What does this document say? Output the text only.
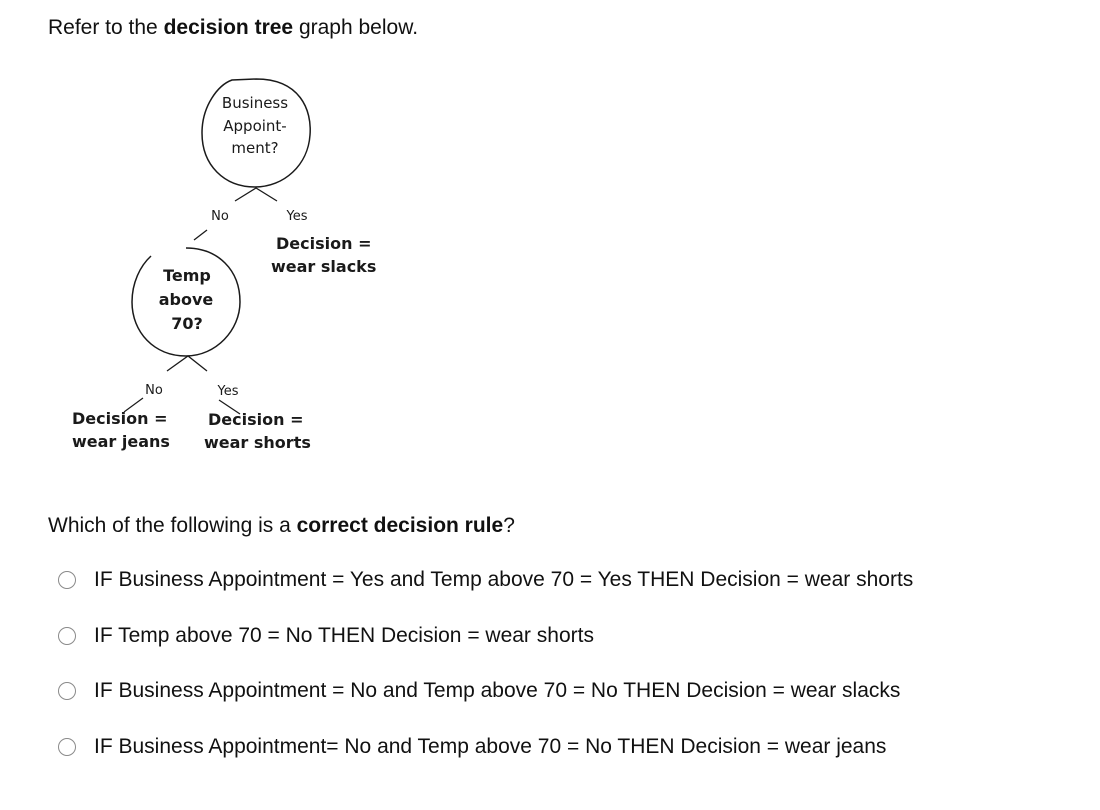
Refer to the decision tree graph below.
Business
Appoint-
ment?
No	Yes
Decision =
wear slacks
Temp
above
70?
No	Yes
Decision =
wear jeans
Decision =
wear shorts
Which of the following is a correct decision rule?
IF Business Appointment = Yes and Temp above 70 = Yes THEN Decision = wear shorts
IF Temp above 70 = No THEN Decision = wear shorts
IF Business Appointment = No and Temp above 70 = No THEN Decision = wear slacks
IF Business Appointment= No and Temp above 70 = No THEN Decision = wear jeans
